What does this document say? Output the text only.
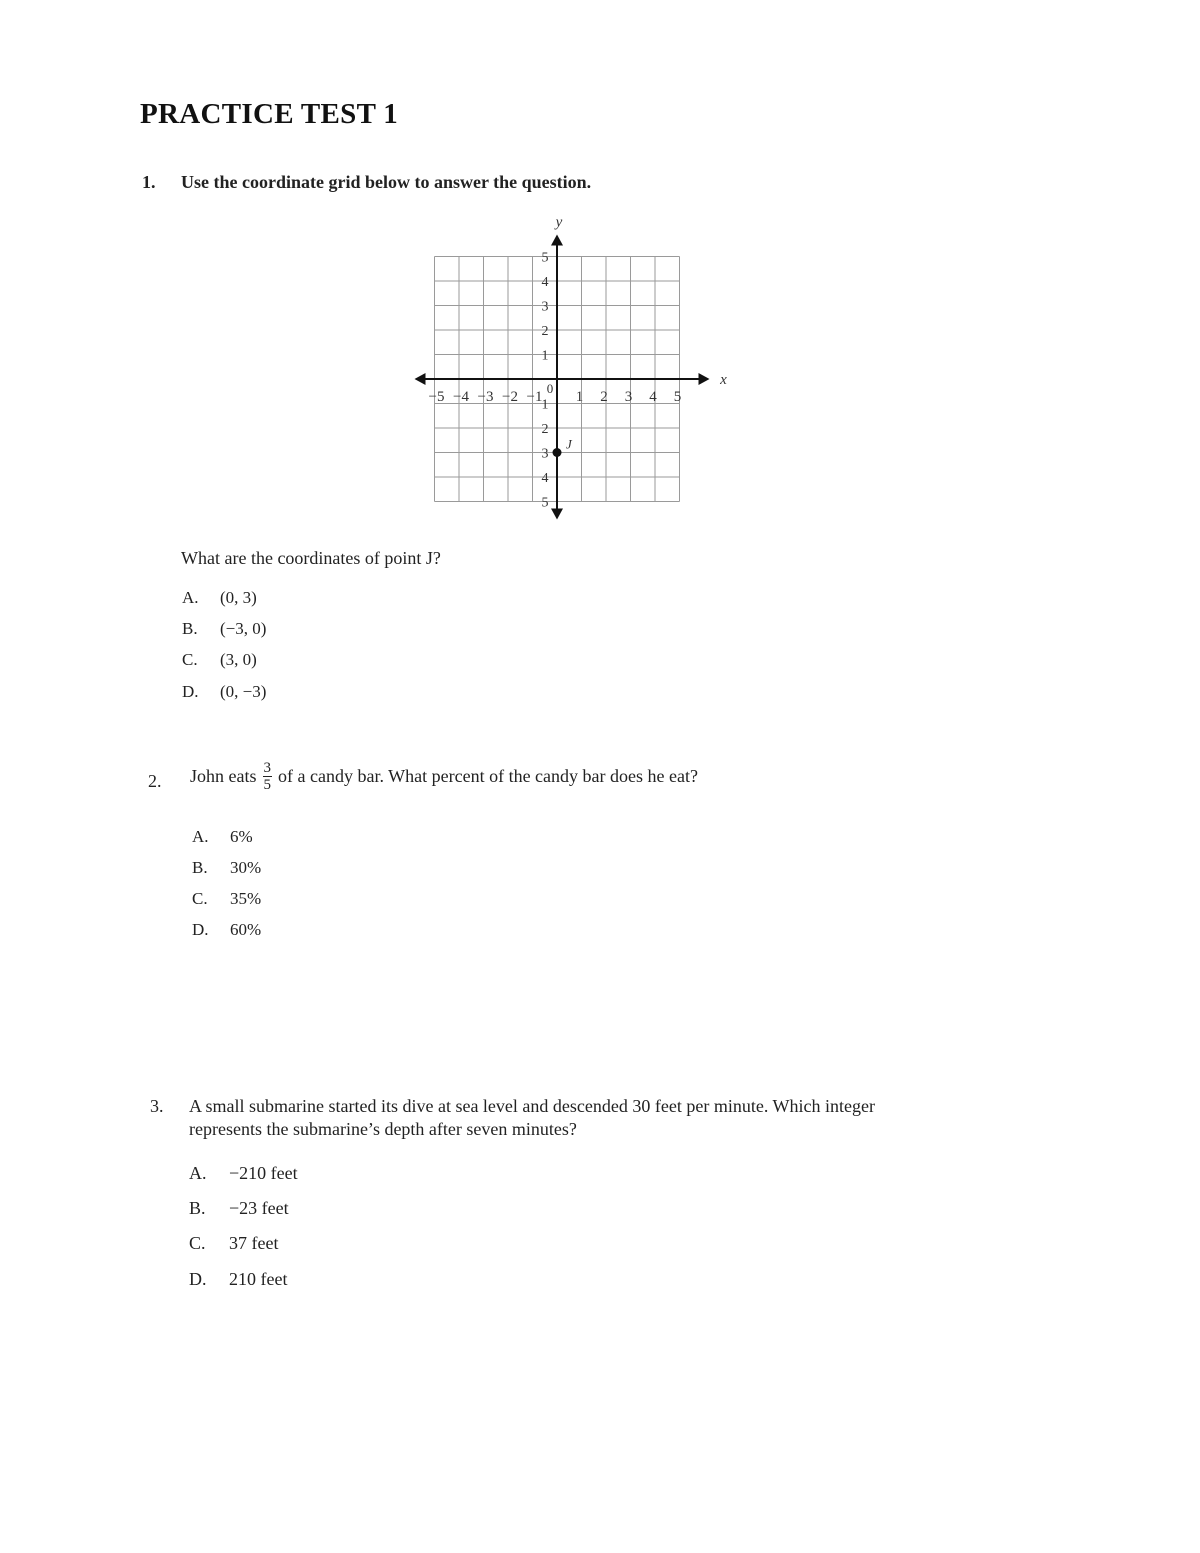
PRACTICE TEST 1
1. Use the coordinate grid below to answer the question.
x
y
−5 −4 −3 −2 −1 1 2 3 4 5
5
4
3
2
1
1
2
3
4
5
0
J
What are the coordinates of point J?
A. (0, 3)
B. (−3, 0)
C. (3, 0)
D. (0, −3)
2. John eats $\frac{3}{5}$ of a candy bar. What percent of the candy bar does he eat?
A. 6%
B. 30%
C. 35%
D. 60%
3. A small submarine started its dive at sea level and descended 30 feet per minute. Which integer
represents the submarine’s depth after seven minutes?
A. −210 feet
B. −23 feet
C. 37 feet
D. 210 feet
